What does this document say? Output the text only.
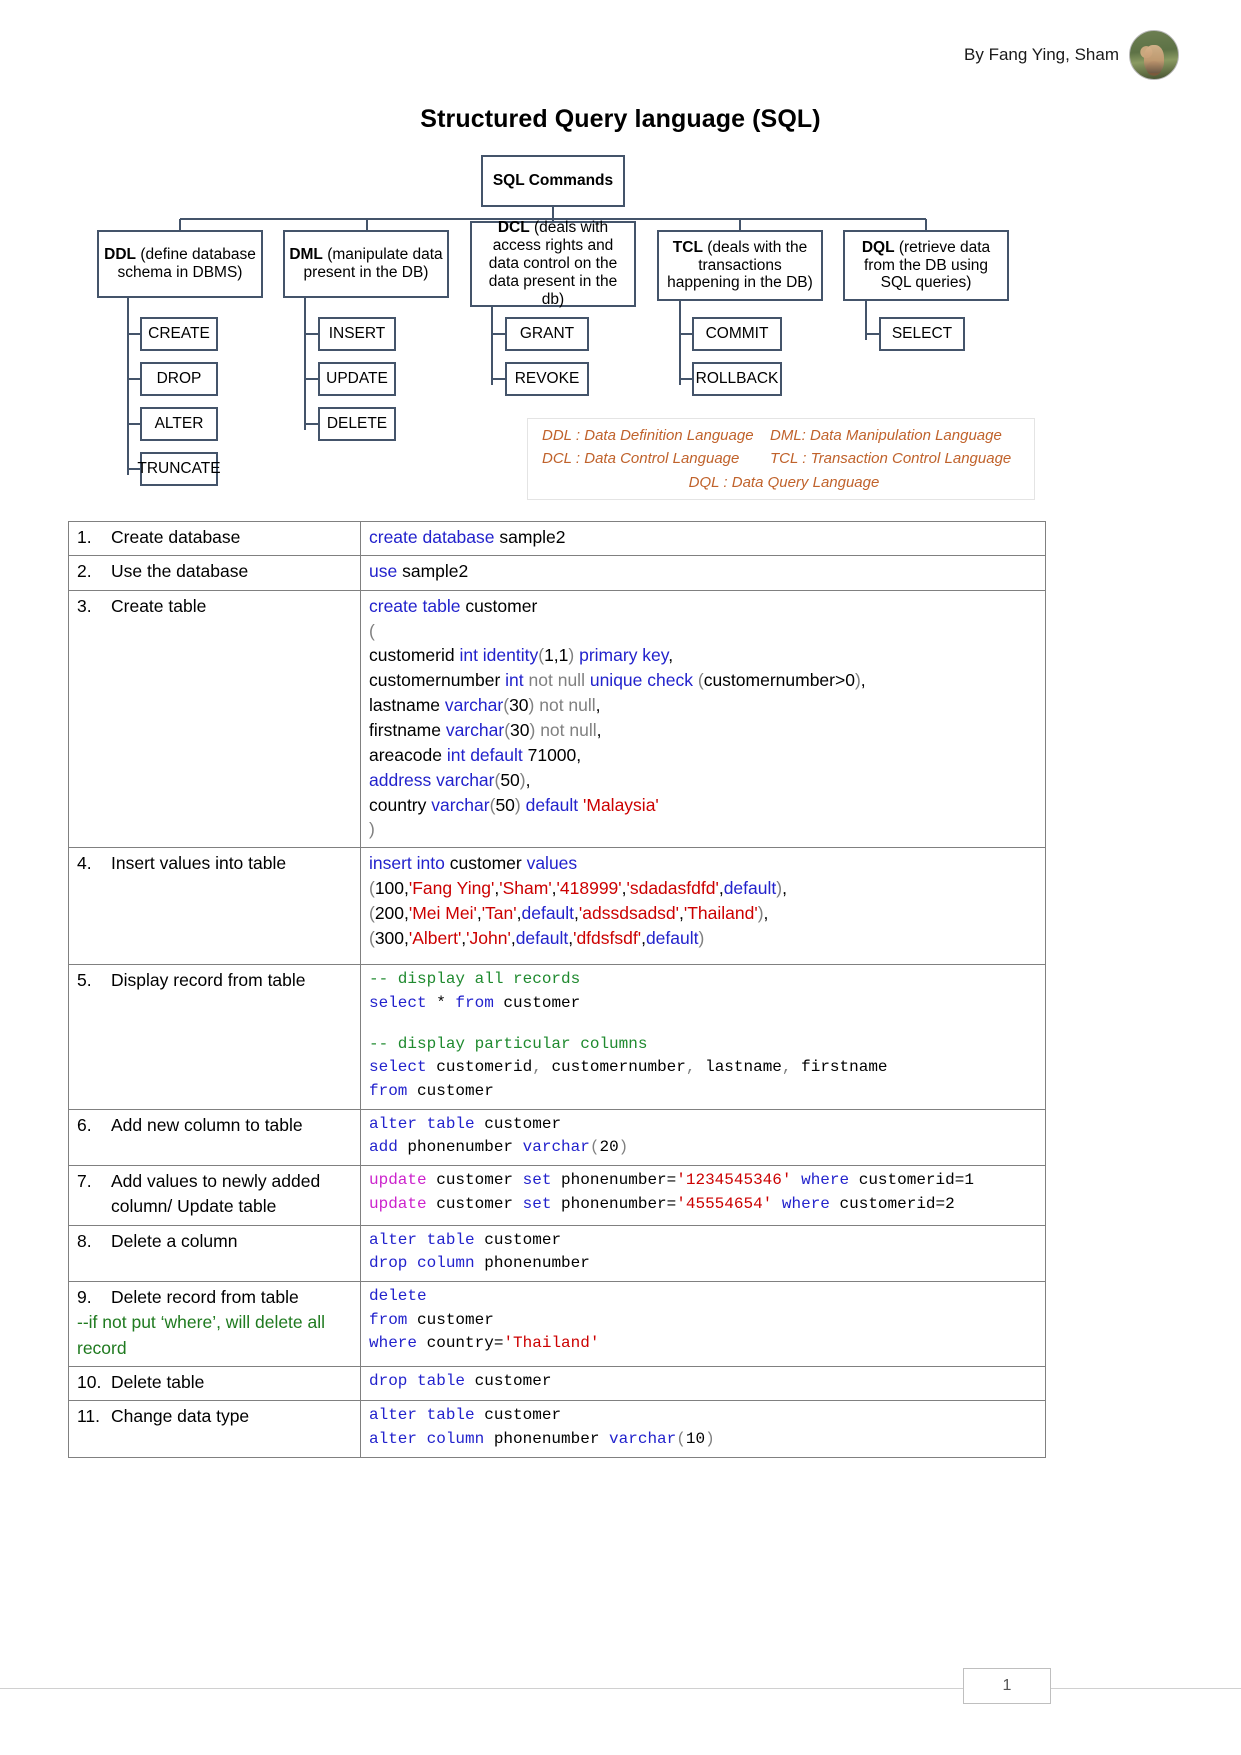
By Fang Ying, Sham
Structured Query language (SQL)
SQL Commands
DDL (define database schema in DBMS)
DML (manipulate data present in the DB)
DCL (deals with access rights and data control on the data present in the db)
TCL (deals with the transactions happening in the DB)
DQL (retrieve data from the DB using SQL queries)
CREATE
DROP
ALTER
TRUNCATE
INSERT
UPDATE
DELETE
GRANT
REVOKE
COMMIT
ROLLBACK
SELECT
DDL : Data Definition Language	DML: Data Manipulation Language
DCL : Data Control Language	TCL : Transaction Control Language
DQL : Data Query Language
1. Create database	create database sample2

2. Use the database	use sample2

3.	Create table	create table customer
(
customerid int identity(1,1) primary key,
customernumber int not null unique check (customernumber>0),
lastname varchar(30) not null,
firstname varchar(30) not null,
areacode int default 71000,
address varchar(50),
country varchar(50) default 'Malaysia'
)

4.	Insert values into table	insert into customer values
(100,'Fang Ying','Sham','418999','sdadasfdfd',default),
(200,'Mei Mei','Tan',default,'adssdsadsd','Thailand'),
(300,'Albert','John',default,'dfdsfsdf',default)

5.	Display record from table	-- display all records
select * from customer
-- display particular columns
select customerid, customernumber, lastname, firstname
from customer

6.	Add new column to table	alter table customer
add phonenumber varchar(20)

7.	Add values to newly added column/ Update table

update customer set phonenumber='1234545346' where customerid=1
update customer set phonenumber='45554654' where customerid=2

8.	Delete a column	alter table customer
drop column phonenumber

9.	Delete record from table
--if not put ‘where’, will delete all record

delete
from customer
where country='Thailand'

10. Delete table	drop table customer

11. Change data type	alter table customer
alter column phonenumber varchar(10)
1
